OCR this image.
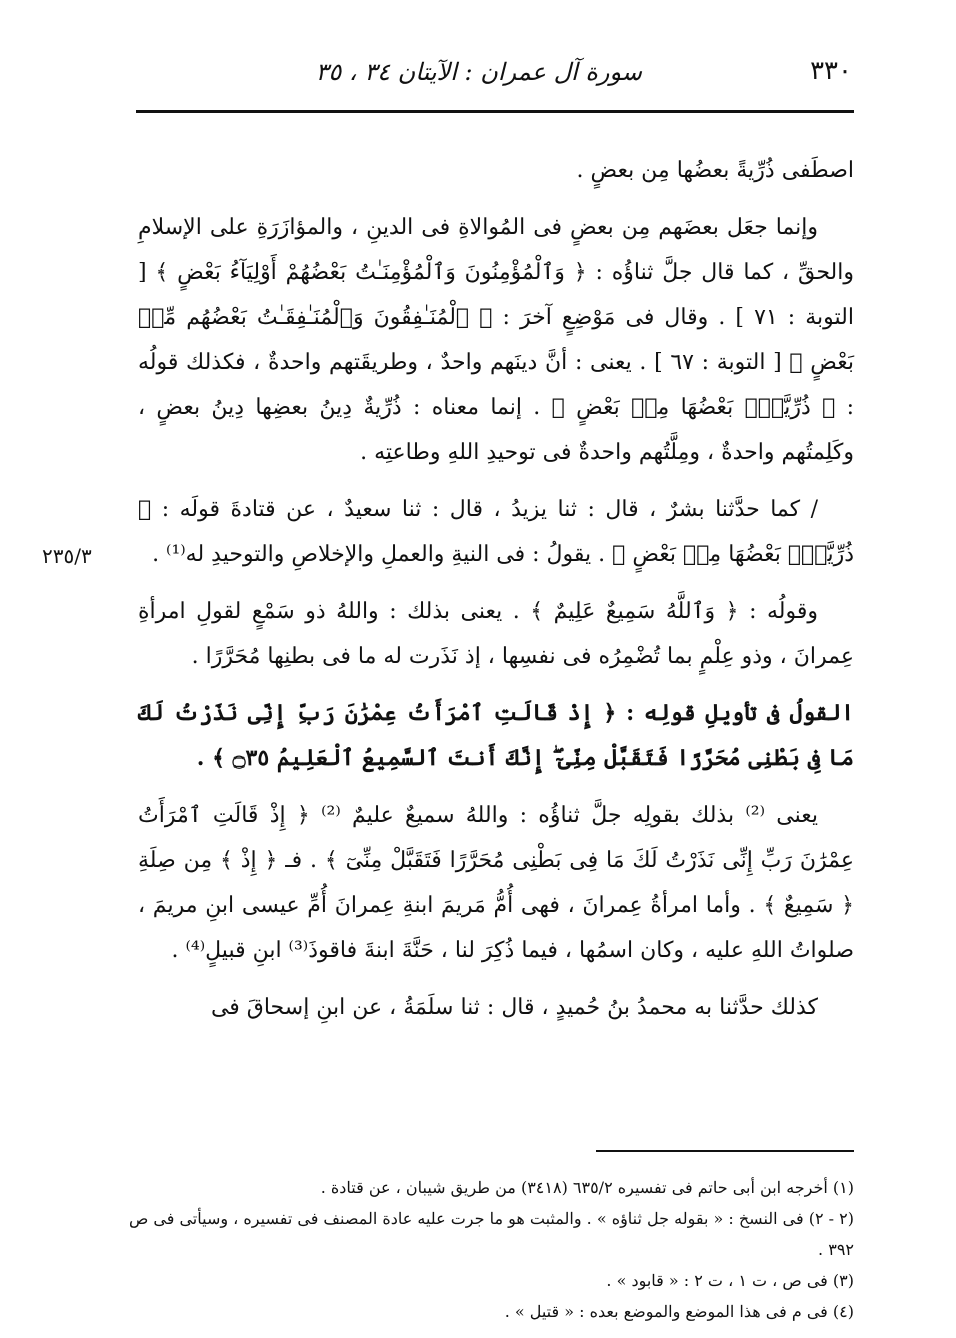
٣٣٠
سورة آل عمران : الآيتان ٣٤ ، ٣٥
٢٣٥/٣

اصطَفى ذُرِّيةً بعضُها مِن بعضٍ .

وإنما جعَل بعضَهم مِن بعضٍ فى المُوالاةِ فى الدينِ ، والمؤازَرَةِ على الإسلامِ والحقِّ ، كما قال جلَّ ثناؤُه : ﴿ وَٱلْمُؤْمِنُونَ وَٱلْمُؤْمِنَـٰتُ بَعْضُهُمْ أَوْلِيَآءُ بَعْضٍ ﴾ [ التوبة : ٧١ ] . وقال فى مَوْضِعٍ آخرَ : ﴿ ٱلْمُنَـٰفِقُونَ وَٱلْمُنَـٰفِقَـٰتُ بَعْضُهُم مِّنۢ بَعْضٍ ﴾ [ التوبة : ٦٧ ] . يعنى : أنَّ دينَهم واحدٌ ، وطريقَتهم واحدةٌ ، فكذلك قولُه : ﴿ ذُرِّيَّةًۢ بَعْضُهَا مِنۢ بَعْضٍ ﴾ . إنما معناه : ذُرِّيةٌ دِينُ بعضِها دِينُ بعضٍ ، وكَلِمتُهم واحدةٌ ، ومِلَّتُهم واحدةٌ فى توحيدِ اللهِ وطاعتِه .

/ كما حدَّثنا بشرٌ ، قال : ثنا يزيدُ ، قال : ثنا سعيدٌ ، عن قتادةَ قولَه : ﴿ ذُرِّيَّةًۢ بَعْضُهَا مِنۢ بَعْضٍ ﴾ . يقولُ : فى النيةِ والعملِ والإخلاصِ والتوحيدِ له⁽¹⁾ .

وقولُه : ﴿ وَٱللَّهُ سَمِيعٌ عَلِيمٌ ﴾ . يعنى بذلك : واللهُ ذو سَمْعٍ لقولِ امرأةِ عِمرانَ ، وذو عِلْمٍ بما تُضْمِرُه فى نفسِها ، إذ نَذَرت له ما فى بطنِها مُحَرَّرًا .

القولُ فى تأويلِ قولِه : ﴿ إِذْ قَالَتِ ٱمْرَأَتُ عِمْرَٰنَ رَبِّ إِنِّى نَذَرْتُ لَكَ مَا فِى بَطْنِى مُحَرَّرًا فَتَقَبَّلْ مِنِّىٓ ۖ إِنَّكَ أَنتَ ٱلسَّمِيعُ ٱلْعَلِيمُ ۝٣٥ ﴾ .

يعنى ⁽²⁾ بذلك بقولِه جلَّ ثناؤُه : واللهُ سميعٌ عليمٌ ⁽²⁾ ﴿ إِذْ قَالَتِ ٱمْرَأَتُ عِمْرَٰنَ رَبِّ إِنِّى نَذَرْتُ لَكَ مَا فِى بَطْنِى مُحَرَّرًا فَتَقَبَّلْ مِنِّىٓ ﴾ . فـ ﴿ إِذْ ﴾ مِن صِلَةِ ﴿ سَمِيعٌ ﴾ . وأما امرأةُ عِمرانَ ، فهى أُمُّ مَريمَ ابنةِ عِمرانَ أُمِّ عيسى ابنِ مريمَ ، صلواتُ اللهِ عليه ، وكان اسمُها ، فيما ذُكِرَ لنا ، حَنَّةَ ابنةَ فاقوذَ⁽³⁾ ابنِ قبيلٍ⁽⁴⁾ .

كذلك حدَّثنا به محمدُ بنُ حُميدٍ ، قال : ثنا سلَمَةُ ، عن ابنِ إسحاقَ فى

(١) أخرجه ابن أبى حاتم فى تفسيره ٦٣٥/٢ (٣٤١٨) من طريق شيبان ، عن قتادة .

(٢ - ٢) فى النسخ : « بقوله جل ثناؤه » . والمثبت هو ما جرت عليه عادة المصنف فى تفسيره ، وسيأتى فى ص ٣٩٢ .

(٣) فى ص ، ت ١ ، ت ٢ : « قابود » .

(٤) فى م فى هذا الموضع والموضع بعده : « قتيل » .
